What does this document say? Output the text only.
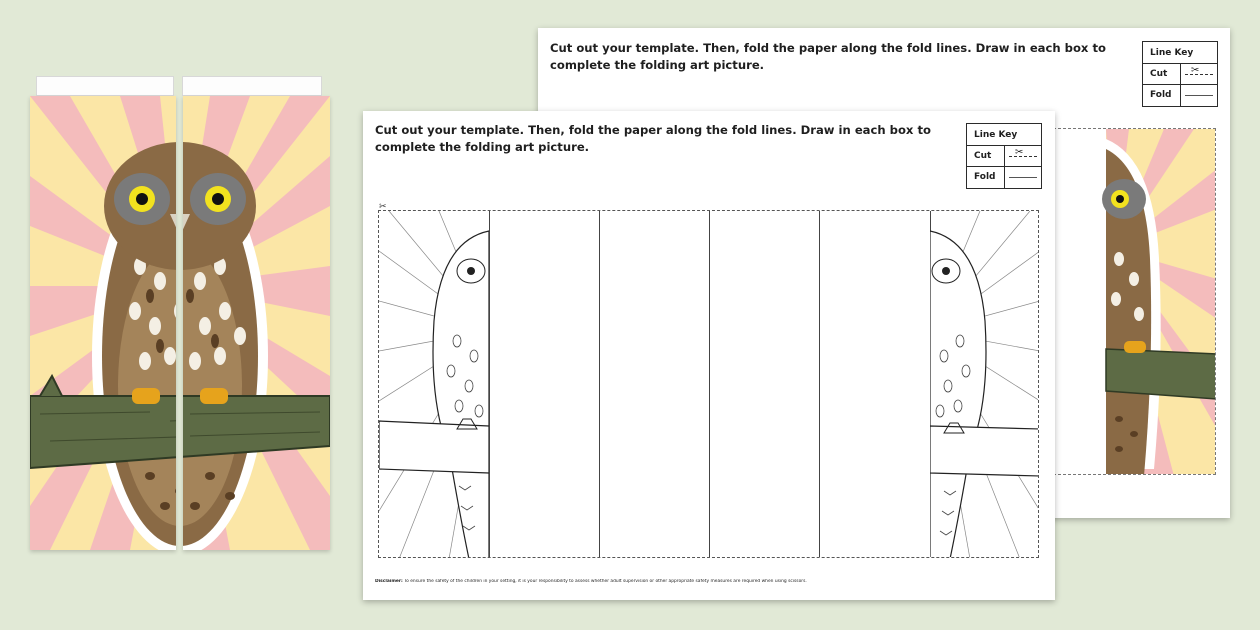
Cut out your template. Then, fold the paper along the fold lines. Draw in each box to complete the folding art picture.
Line Key
Cut	✂
Fold
Cut out your template. Then, fold the paper along the fold lines. Draw in each box to complete the folding art picture.
Line Key
Cut	✂
Fold
✂
Disclaimer: To ensure the safety of the children in your setting, it is your responsibility to assess whether adult supervision or other appropriate safety measures are required when using scissors.
